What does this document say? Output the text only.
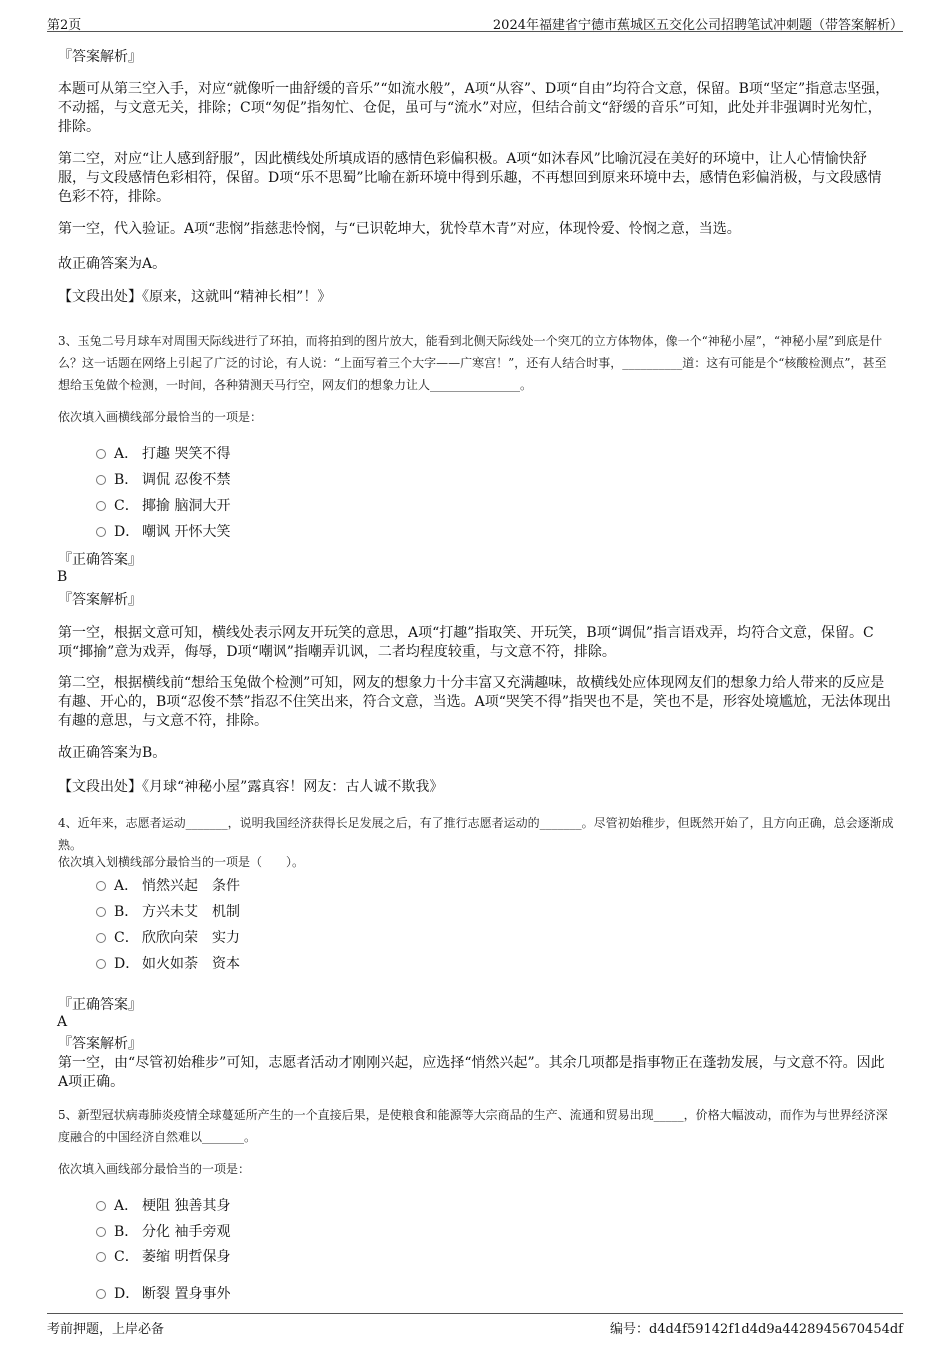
第2页	2024年福建省宁德市蕉城区五交化公司招聘笔试冲刺题（带答案解析）
『答案解析』
本题可从第三空入手，对应“就像听一曲舒缓的音乐”“如流水般”，A项“从容”、D项“自由”均符合文意，保留。B项“坚定”指意志坚强，不动摇，与文意无关，排除；C项“匆促”指匆忙、仓促，虽可与“流水”对应，但结合前文“舒缓的音乐”可知，此处并非强调时光匆忙，排除。
第二空，对应“让人感到舒服”，因此横线处所填成语的感情色彩偏积极。A项“如沐春风”比喻沉浸在美好的环境中，让人心情愉快舒服，与文段感情色彩相符，保留。D项“乐不思蜀”比喻在新环境中得到乐趣，不再想回到原来环境中去，感情色彩偏消极，与文段感情色彩不符，排除。
第一空，代入验证。A项“悲悯”指慈悲怜悯，与“已识乾坤大，犹怜草木青”对应，体现怜爱、怜悯之意，当选。
故正确答案为A。
【文段出处】《原来，这就叫“精神长相”！》
3、玉兔二号月球车对周围天际线进行了环拍，而将拍到的图片放大，能看到北侧天际线处一个突兀的立方体物体，像一个“神秘小屋”，“神秘小屋”到底是什么？这一话题在网络上引起了广泛的讨论，有人说：“上面写着三个大字——广寒宫！”，还有人结合时事，__________道：这有可能是个“核酸检测点”，甚至想给玉兔做个检测，一时间，各种猜测天马行空，网友们的想象力让人_______________。
依次填入画横线部分最恰当的一项是：
A． 打趣 哭笑不得
B． 调侃 忍俊不禁
C． 揶揄 脑洞大开
D． 嘲讽 开怀大笑
『正确答案』
B
『答案解析』
第一空，根据文意可知，横线处表示网友开玩笑的意思，A项“打趣”指取笑、开玩笑，B项“调侃”指言语戏弄，均符合文意，保留。C项“揶揄”意为戏弄，侮辱，D项“嘲讽”指嘲弄讥讽，二者均程度较重，与文意不符，排除。
第二空，根据横线前“想给玉兔做个检测”可知，网友的想象力十分丰富又充满趣味，故横线处应体现网友们的想象力给人带来的反应是有趣、开心的，B项“忍俊不禁”指忍不住笑出来，符合文意，当选。A项“哭笑不得”指哭也不是，笑也不是，形容处境尴尬，无法体现出有趣的意思，与文意不符，排除。
故正确答案为B。
【文段出处】《月球“神秘小屋”露真容！网友：古人诚不欺我》
4、近年来，志愿者运动_______，说明我国经济获得长足发展之后，有了推行志愿者运动的_______。尽管初始稚步，但既然开始了，且方向正确，总会逐渐成熟。
依次填入划横线部分最恰当的一项是（　　）。
A． 悄然兴起　条件
B． 方兴未艾　机制
C． 欣欣向荣　实力
D． 如火如荼　资本
『正确答案』
A
『答案解析』
第一空，由“尽管初始稚步”可知，志愿者活动才刚刚兴起，应选择“悄然兴起”。其余几项都是指事物正在蓬勃发展，与文意不符。因此A项正确。
5、新型冠状病毒肺炎疫情全球蔓延所产生的一个直接后果，是使粮食和能源等大宗商品的生产、流通和贸易出现_____，价格大幅波动，而作为与世界经济深度融合的中国经济自然难以_______。
依次填入画线部分最恰当的一项是：
A． 梗阻 独善其身
B． 分化 袖手旁观
C． 萎缩 明哲保身
D． 断裂 置身事外
考前押题，上岸必备	编号：d4d4f59142f1d4d9a4428945670454df
